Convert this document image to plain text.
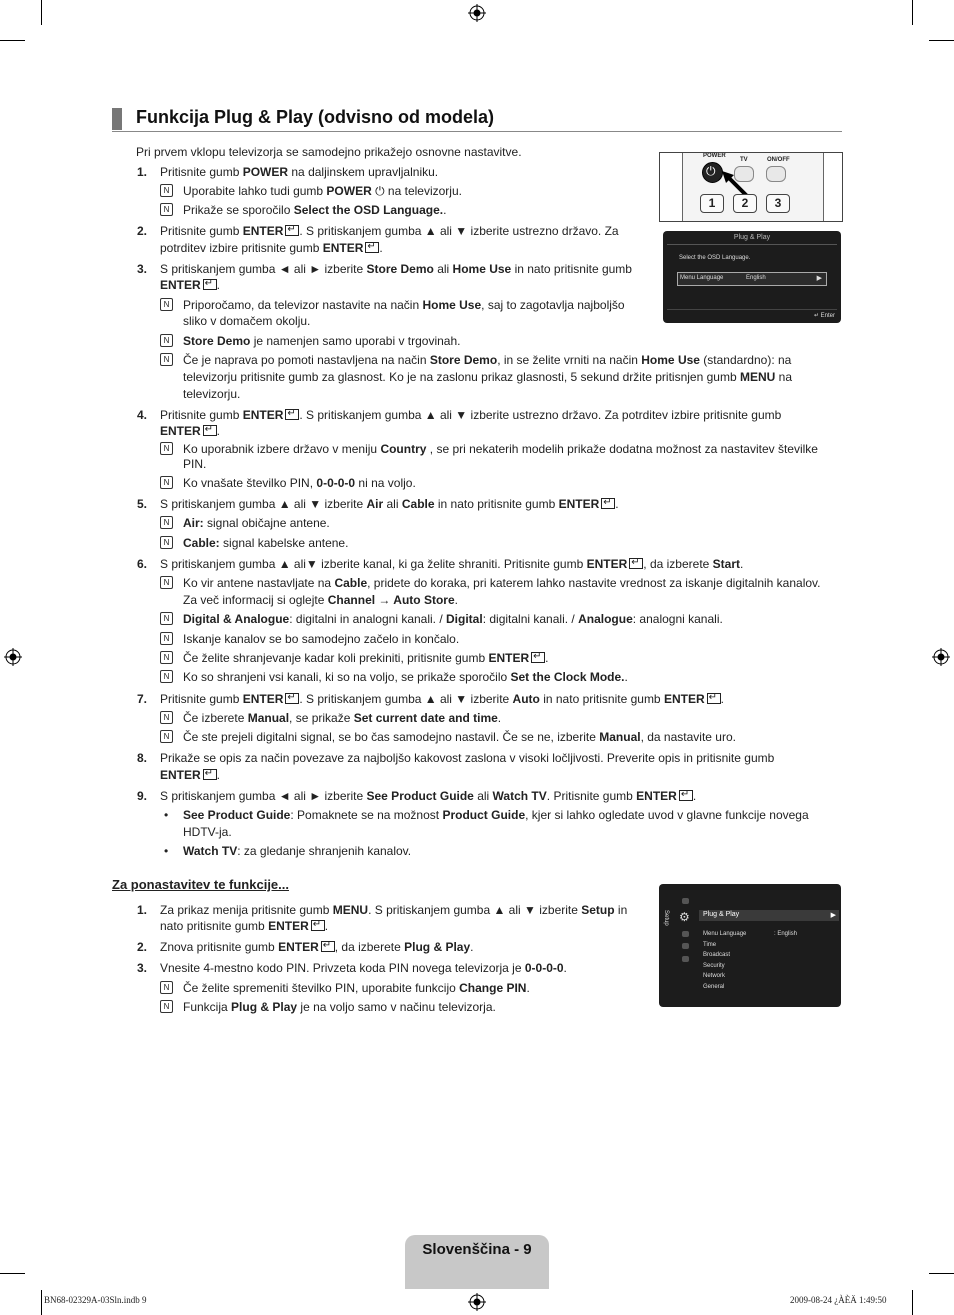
Funkcija Plug & Play (odvisno od modela)
Pri prvem vklopu televizorja se samodejno prikažejo osnovne nastavitve.
1. Pritisnite gumb POWER na daljinskem upravljalniku.
N	Uporabite lahko tudi gumb POWER ⏻ na televizorju.
N	Prikaže se sporočilo Select the OSD Language..
2. Pritisnite gumb ENTER ↵ . S pritiskanjem gumba ▲ ali ▼ izberite ustrezno državo. Za
potrditev izbire pritisnite gumb ENTER ↵ .
3. S pritiskanjem gumba ◄ ali ► izberite Store Demo ali Home Use in nato pritisnite gumb
ENTER ↵ .
N	Priporočamo, da televizor nastavite na način Home Use, saj to zagotavlja najboljšo
sliko v domačem okolju.
N	Store Demo je namenjen samo uporabi v trgovinah.
N	Če je naprava po pomoti nastavljena na način Store Demo, in se želite vrniti na način Home Use (standardno): na
televizorju pritisnite gumb za glasnost. Ko je na zaslonu prikaz glasnosti, 5 sekund držite pritisnjen gumb MENU na
televizorju.
4. Pritisnite gumb ENTER ↵ . S pritiskanjem gumba ▲ ali ▼ izberite ustrezno državo. Za potrditev izbire pritisnite gumb
ENTER ↵ .
N	Ko uporabnik izbere državo v meniju Country , se pri nekaterih modelih prikaže dodatna možnost za nastavitev številke
PIN.
N	Ko vnašate številko PIN, 0-0-0-0 ni na voljo.
5. S pritiskanjem gumba ▲ ali ▼ izberite Air ali Cable in nato pritisnite gumb ENTER ↵ .
N	Air: signal običajne antene.
N	Cable: signal kabelske antene.
6. S pritiskanjem gumba ▲ ali▼ izberite kanal, ki ga želite shraniti. Pritisnite gumb ENTER ↵ , da izberete Start.
N	Ko vir antene nastavljate na Cable, pridete do koraka, pri katerem lahko nastavite vrednost za iskanje digitalnih kanalov.
Za več informacij si oglejte Channel → Auto Store.
N	Digital & Analogue: digitalni in analogni kanali. / Digital: digitalni kanali. / Analogue: analogni kanali.
N	Iskanje kanalov se bo samodejno začelo in končalo.
N	Če želite shranjevanje kadar koli prekiniti, pritisnite gumb ENTER ↵ .
N	Ko so shranjeni vsi kanali, ki so na voljo, se prikaže sporočilo Set the Clock Mode..
7. Pritisnite gumb ENTER ↵ . S pritiskanjem gumba ▲ ali ▼ izberite Auto in nato pritisnite gumb ENTER ↵ .
N	Če izberete Manual, se prikaže Set current date and time.
N	Če ste prejeli digitalni signal, se bo čas samodejno nastavil. Če se ne, izberite Manual, da nastavite uro.
8. Prikaže se opis za način povezave za najboljšo kakovost zaslona v visoki ločljivosti. Preverite opis in pritisnite gumb
ENTER ↵ .
9. S pritiskanjem gumba ◄ ali ► izberite See Product Guide ali Watch TV. Pritisnite gumb ENTER ↵ .
• See Product Guide: Pomaknete se na možnost Product Guide, kjer si lahko ogledate uvod v glavne funkcije novega
HDTV-ja.
• Watch TV: za gledanje shranjenih kanalov.
Za ponastavitev te funkcije...
1. Za prikaz menija pritisnite gumb MENU. S pritiskanjem gumba ▲ ali ▼ izberite Setup in
nato pritisnite gumb ENTER ↵ .
2. Znova pritisnite gumb ENTER ↵ , da izberete Plug & Play.
3. Vnesite 4-mestno kodo PIN. Privzeta koda PIN novega televizorja je 0-0-0-0.
N	Če želite spremeniti številko PIN, uporabite funkcijo Change PIN.
N	Funkcija Plug & Play je na voljo samo v načinu televizorja.
POWER
TV	ON/OFF
⏻
1	2	3
Plug & Play
Select the OSD Language.
Menu Language	English	▶
↵ Enter
Setup ⚙ Plug & Play	▶
Menu Language	: English
Time
Broadcast
Security
Network
General
Slovenščina - 9
BN68-02329A-03Sln.indb 9	2009-08-24 ¿ÀÈÄ 1:49:50
